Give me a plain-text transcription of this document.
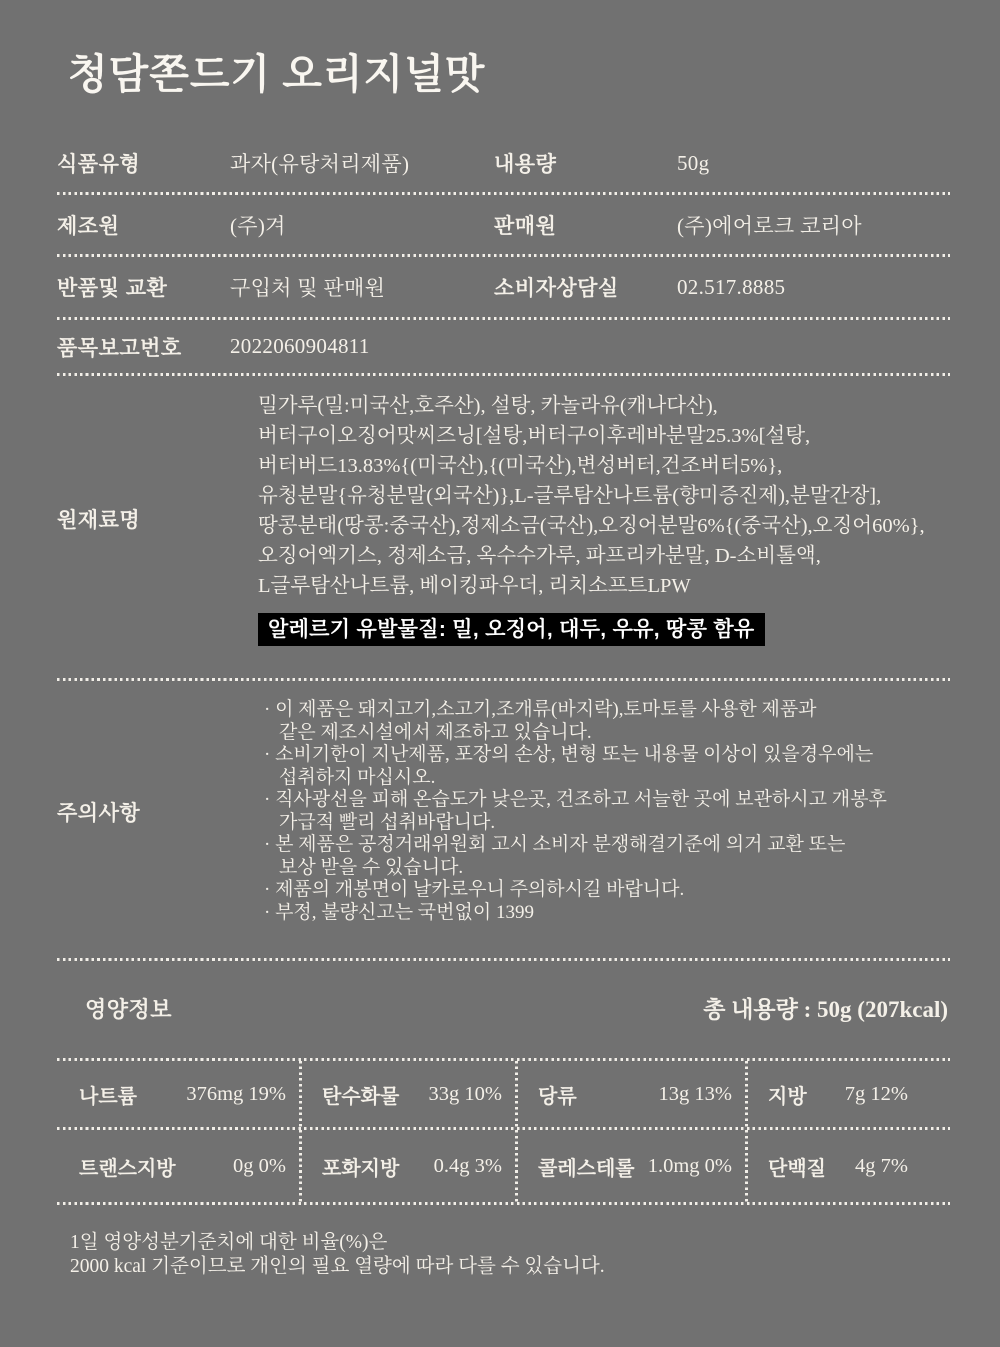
청담쫀드기 오리지널맛
식품유형	과자(유탕처리제품)	내용량	50g
제조원	(주)겨	판매원	(주)에어로크 코리아
반품및 교환	구입처 및 판매원	소비자상담실	02.517.8885
품목보고번호	2022060904811
원재료명
밀가루(밀:미국산,호주산), 설탕, 카놀라유(캐나다산),
버터구이오징어맛씨즈닝[설탕,버터구이후레바분말25.3%[설탕,
버터버드13.83%{(미국산),{(미국산),변성버터,건조버터5%},
유청분말{유청분말(외국산)},L-글루탐산나트륨(향미증진제),분말간장],
땅콩분태(땅콩:중국산),정제소금(국산),오징어분말6%{(중국산),오징어60%},
오징어엑기스, 정제소금, 옥수수가루, 파프리카분말, D-소비톨액,
L글루탐산나트륨, 베이킹파우더, 리치소프트LPW
알레르기 유발물질: 밀, 오징어, 대두, 우유, 땅콩 함유
주의사항
· 이 제품은 돼지고기,소고기,조개류(바지락),토마토를 사용한 제품과
같은 제조시설에서 제조하고 있습니다.
· 소비기한이 지난제품, 포장의 손상, 변형 또는 내용물 이상이 있을경우에는
섭취하지 마십시오.
· 직사광선을 피해 온습도가 낮은곳, 건조하고 서늘한 곳에 보관하시고 개봉후
가급적 빨리 섭취바랍니다.
· 본 제품은 공정거래위원회 고시 소비자 분쟁해결기준에 의거 교환 또는
보상 받을 수 있습니다.
· 제품의 개봉면이 날카로우니 주의하시길 바랍니다.
· 부정, 불량신고는 국번없이 1399
영양정보	총 내용량 : 50g (207kcal)
나트륨 376mg 19% 탄수화물 33g 10% 당류	13g 13% 지방 7g 12%
트랜스지방	0g 0% 포화지방 0.4g 3% 콜레스테롤 1.0mg 0% 단백질 4g 7%
1일 영양성분기준치에 대한 비율(%)은
2000 kcal 기준이므로 개인의 필요 열량에 따라 다를 수 있습니다.
